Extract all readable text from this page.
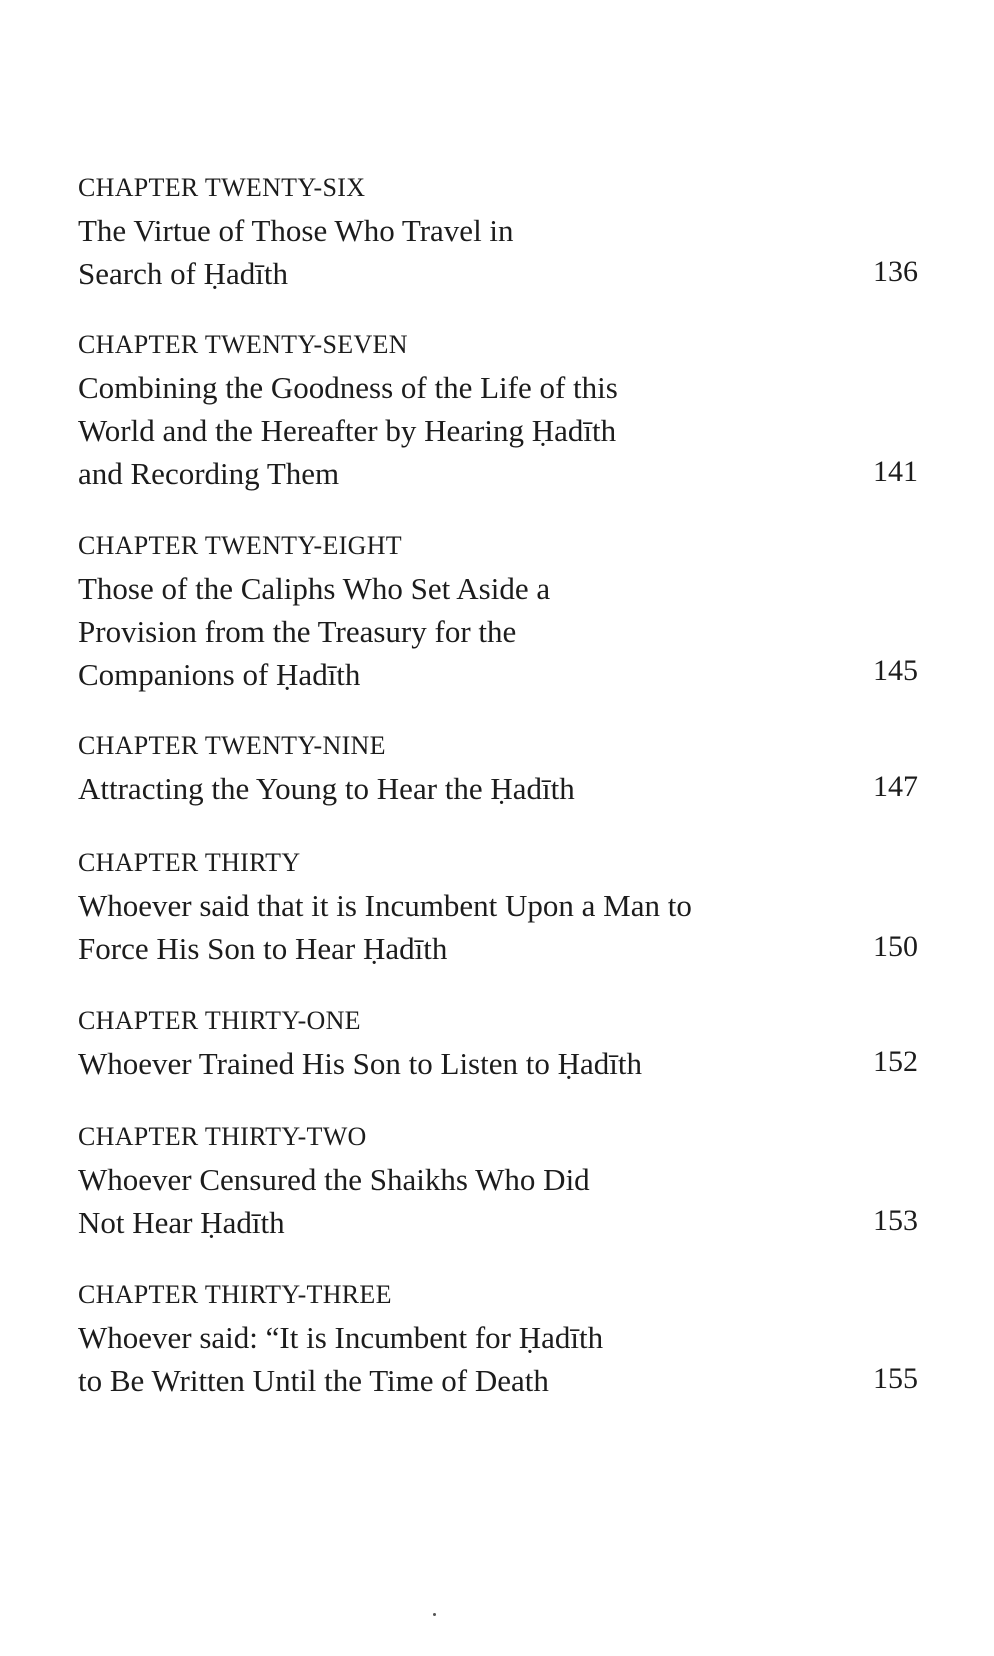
CHAPTER TWENTY-SIX
The Virtue of Those Who Travel in
Search of Ḥadīth	136
CHAPTER TWENTY-SEVEN
Combining the Goodness of the Life of this
World and the Hereafter by Hearing Ḥadīth
and Recording Them	141
CHAPTER TWENTY-EIGHT
Those of the Caliphs Who Set Aside a
Provision from the Treasury for the
Companions of Ḥadīth	145
CHAPTER TWENTY-NINE
Attracting the Young to Hear the Ḥadīth	147
CHAPTER THIRTY
Whoever said that it is Incumbent Upon a Man to
Force His Son to Hear Ḥadīth	150
CHAPTER THIRTY-ONE
Whoever Trained His Son to Listen to Ḥadīth	152
CHAPTER THIRTY-TWO
Whoever Censured the Shaikhs Who Did
Not Hear Ḥadīth	153
CHAPTER THIRTY-THREE
Whoever said: “It is Incumbent for Ḥadīth
to Be Written Until the Time of Death	155
